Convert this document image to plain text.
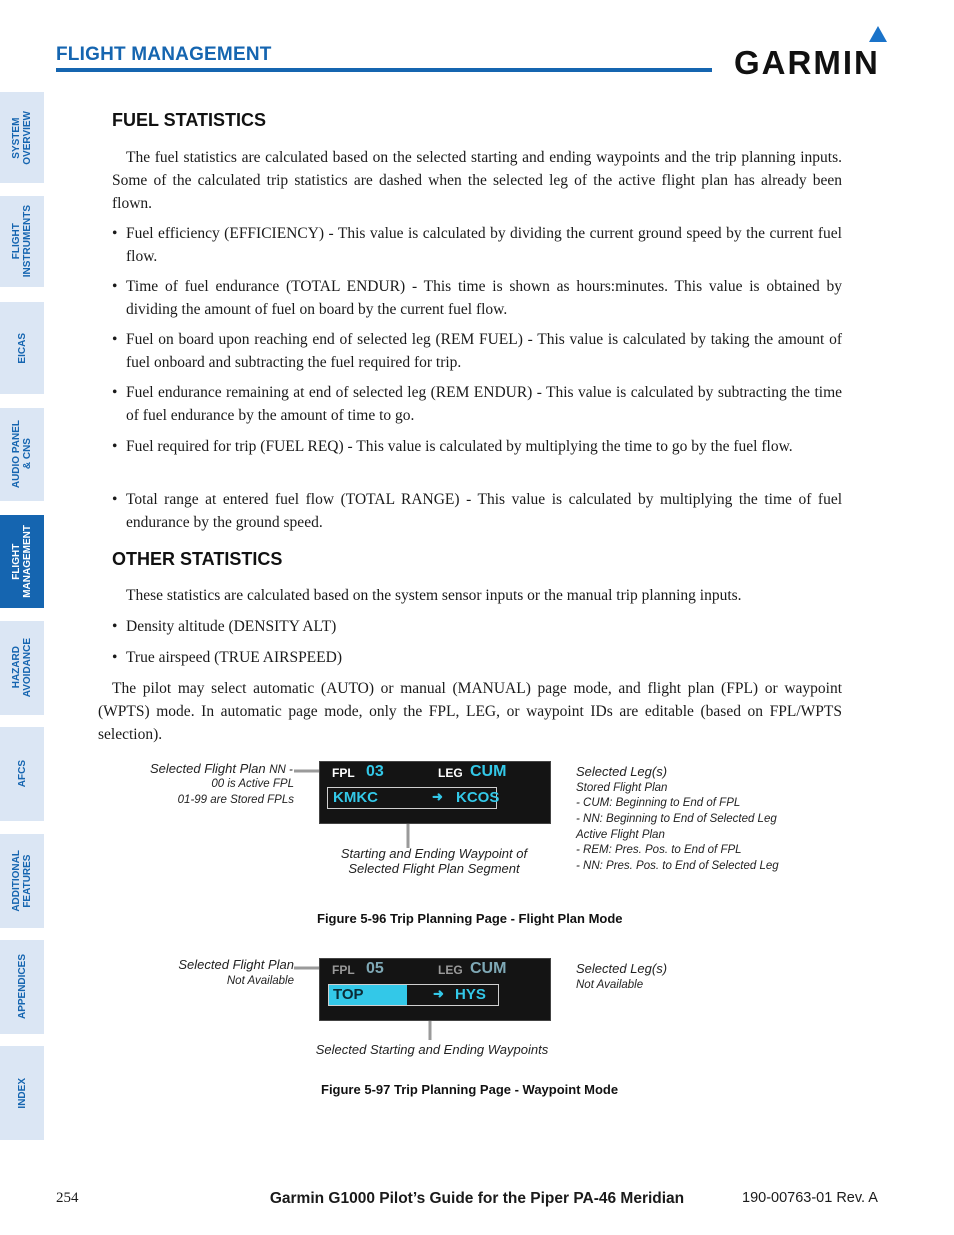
FLIGHT MANAGEMENT	GARMIN
SYSTEM
OVERVIEW
FLIGHT
INSTRUMENTS
EICAS
AUDIO PANEL
& CNS
FLIGHT
MANAGEMENT
HAZARD
AVOIDANCE
AFCS
ADDITIONAL
FEATURES
APPENDICES
INDEX
FUEL STATISTICS
The fuel statistics are calculated based on the selected starting and ending waypoints and the trip planning inputs. Some of the calculated trip statistics are dashed when the selected leg of the active flight plan has already been flown.
• Fuel efficiency (EFFICIENCY) - This value is calculated by dividing the current ground speed by the current fuel flow.
• Time of fuel endurance (TOTAL ENDUR) - This time is shown as hours:minutes. This value is obtained by dividing the amount of fuel on board by the current fuel flow.
• Fuel on board upon reaching end of selected leg (REM FUEL) - This value is calculated by taking the amount of fuel onboard and subtracting the fuel required for trip.
• Fuel endurance remaining at end of selected leg (REM ENDUR) - This value is calculated by subtracting the time of fuel endurance by the amount of time to go.
• Fuel required for trip (FUEL REQ) - This value is calculated by multiplying the time to go by the fuel flow.
• Total range at entered fuel flow (TOTAL RANGE) - This value is calculated by multiplying the time of fuel endurance by the ground speed.
OTHER STATISTICS
These statistics are calculated based on the system sensor inputs or the manual trip planning inputs.
• Density altitude (DENSITY ALT)
• True airspeed (TRUE AIRSPEED)
The pilot may select automatic (AUTO) or manual (MANUAL) page mode, and flight plan (FPL) or waypoint (WPTS) mode. In automatic page mode, only the FPL, LEG, or waypoint IDs are editable (based on FPL/WPTS selection).
FPL 03	LEG CUM
KMKC	➜ KCOS
Selected Flight Plan NN -
00 is Active FPL
01-99 are Stored FPLs
Selected Leg(s)
Stored Flight Plan
- CUM: Beginning to End of FPL
- NN: Beginning to End of Selected Leg
Active Flight Plan
- REM: Pres. Pos. to End of FPL
- NN: Pres. Pos. to End of Selected Leg
Starting and Ending Waypoint of
Selected Flight Plan Segment
Figure 5-96 Trip Planning Page - Flight Plan Mode
FPL 05	LEG CUM
TOP	➜ HYS
Selected Flight Plan
Not Available
Selected Leg(s)
Not Available
Selected Starting and Ending Waypoints
Figure 5-97 Trip Planning Page - Waypoint Mode
254	Garmin G1000 Pilot’s Guide for the Piper PA-46 Meridian	190-00763-01 Rev. A
